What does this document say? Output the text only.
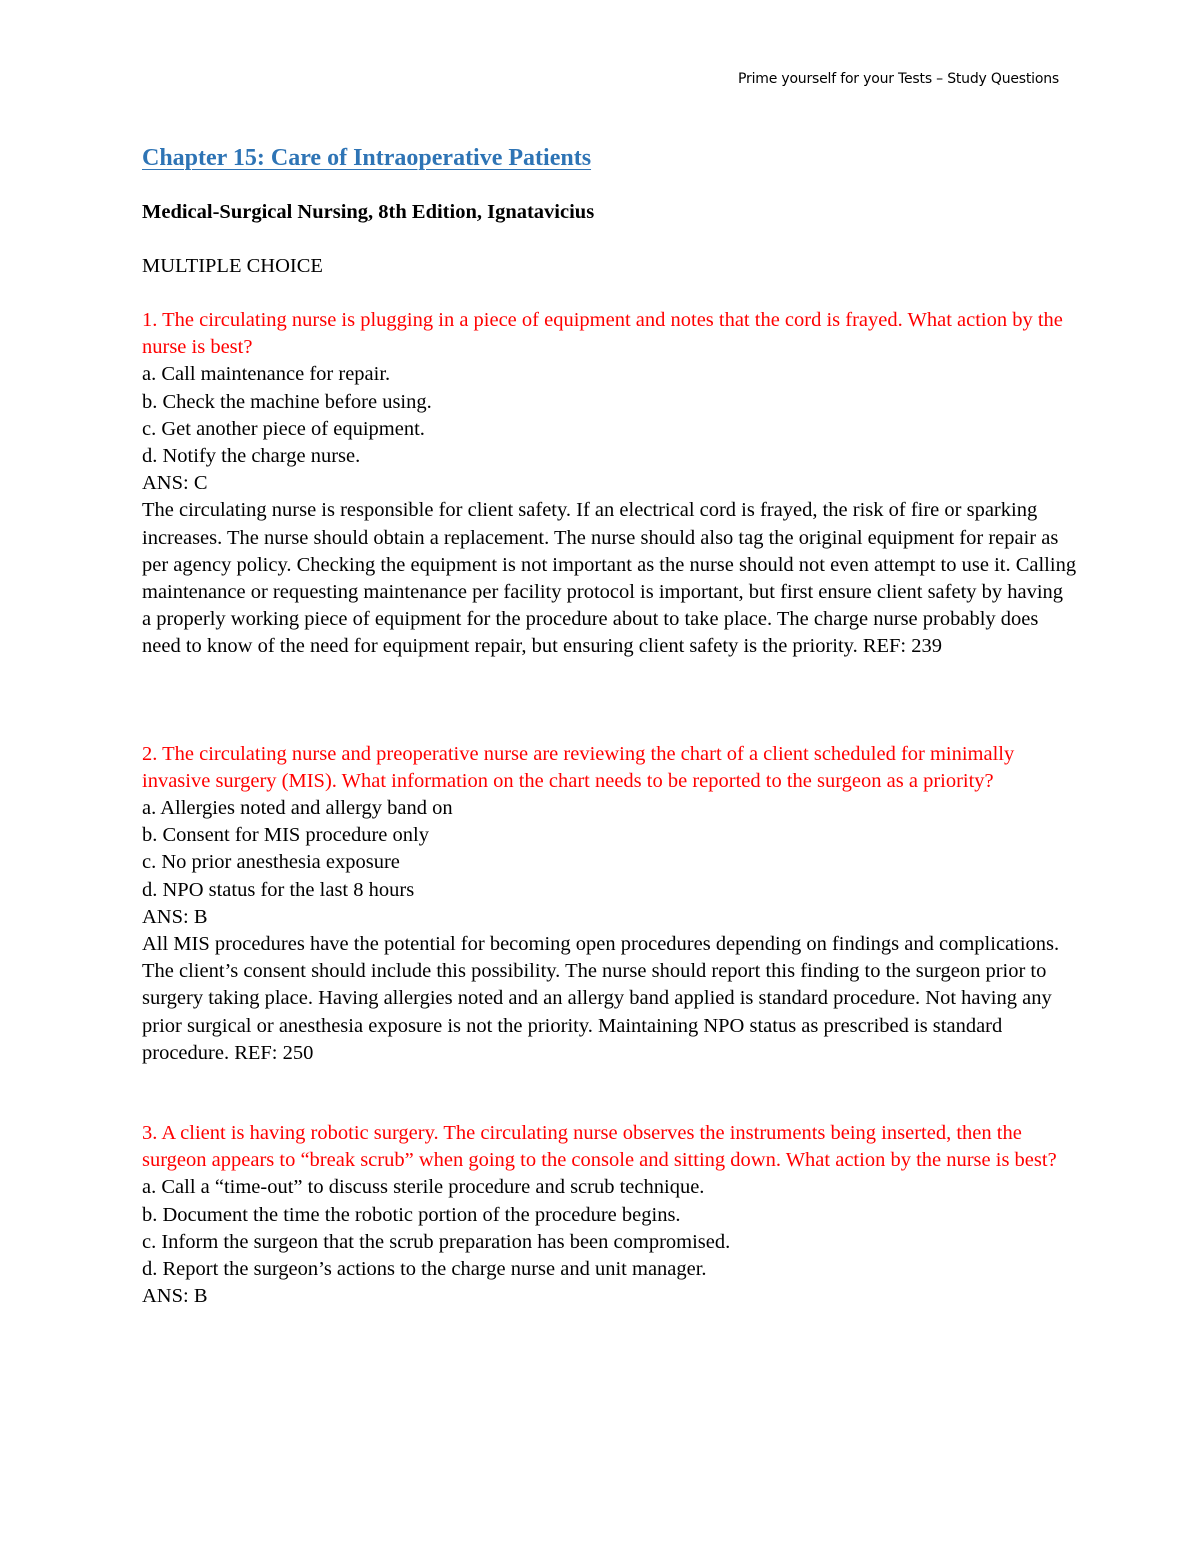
Prime yourself for your Tests – Study Questions
Chapter 15: Care of Intraoperative Patients

Medical-Surgical Nursing, 8th Edition, Ignatavicius

MULTIPLE CHOICE

1. The circulating nurse is plugging in a piece of equipment and notes that the cord is frayed. What action by the nurse is best?

a. Call maintenance for repair.

b. Check the machine before using.

c. Get another piece of equipment.

d. Notify the charge nurse.

ANS: C

The circulating nurse is responsible for client safety. If an electrical cord is frayed, the risk of fire or sparking increases. The nurse should obtain a replacement. The nurse should also tag the original equipment for repair as per agency policy. Checking the equipment is not important as the nurse should not even attempt to use it. Calling maintenance or requesting maintenance per facility protocol is important, but first ensure client safety by having a properly working piece of equipment for the procedure about to take place. The charge nurse probably does need to know of the need for equipment repair, but ensuring client safety is the priority. REF: 239

2. The circulating nurse and preoperative nurse are reviewing the chart of a client scheduled for minimally invasive surgery (MIS). What information on the chart needs to be reported to the surgeon as a priority?

a. Allergies noted and allergy band on

b. Consent for MIS procedure only

c. No prior anesthesia exposure

d. NPO status for the last 8 hours

ANS: B

All MIS procedures have the potential for becoming open procedures depending on findings and complications. The client’s consent should include this possibility. The nurse should report this finding to the surgeon prior to surgery taking place. Having allergies noted and an allergy band applied is standard procedure. Not having any prior surgical or anesthesia exposure is not the priority. Maintaining NPO status as prescribed is standard procedure. REF: 250

3. A client is having robotic surgery. The circulating nurse observes the instruments being inserted, then the surgeon appears to “break scrub” when going to the console and sitting down. What action by the nurse is best?

a. Call a “time-out” to discuss sterile procedure and scrub technique.

b. Document the time the robotic portion of the procedure begins.

c. Inform the surgeon that the scrub preparation has been compromised.

d. Report the surgeon’s actions to the charge nurse and unit manager.

ANS: B
